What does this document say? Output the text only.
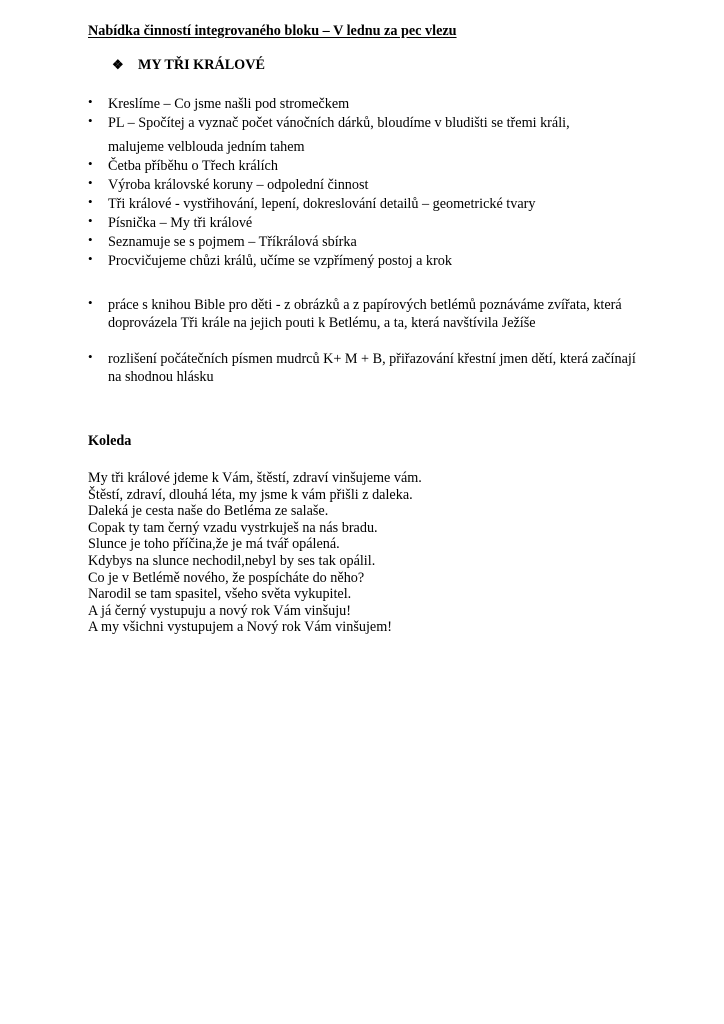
Nabídka činností integrovaného bloku – V lednu za pec vlezu
❖ MY TŘI KRÁLOVÉ
•	Kreslíme – Co jsme našli pod stromečkem
•	PL – Spočítej a vyznač počet vánočních dárků, bloudíme v bludišti se třemi králi,
malujeme velblouda jedním tahem
•	Četba příběhu o Třech králích
•	Výroba královské koruny – odpolední činnost
•	Tři králové - vystřihování, lepení, dokreslování detailů – geometrické tvary
•	Písnička – My tři králové
•	Seznamuje se s pojmem – Tříkrálová sbírka
•	Procvičujeme chůzi králů, učíme se vzpřímený postoj a krok
•	práce s knihou Bible pro děti - z obrázků a z papírových betlémů poznáváme zvířata, která doprovázela Tři krále na jejich pouti k Betlému, a ta, která navštívila Ježíše
•	rozlišení počátečních písmen mudrců K+ M + B, přiřazování křestní jmen dětí, která začínají na shodnou hlásku
Koleda
My tři králové jdeme k Vám, štěstí, zdraví vinšujeme vám.
Štěstí, zdraví, dlouhá léta, my jsme k vám přišli z daleka.
Daleká je cesta naše do Betléma ze salaše.
Copak ty tam černý vzadu vystrkuješ na nás bradu.
Slunce je toho příčina,že je má tvář opálená.
Kdybys na slunce nechodil,nebyl by ses tak opálil.
Co je v Betlémě nového, že pospícháte do něho?
Narodil se tam spasitel, všeho světa vykupitel.
A já černý vystupuju a nový rok Vám vinšuju!
A my všichni vystupujem a Nový rok Vám vinšujem!
